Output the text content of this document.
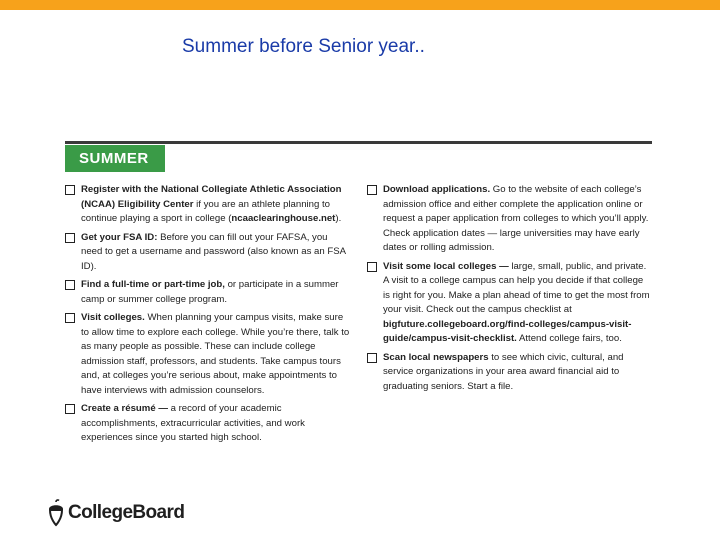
Summer before Senior year..
SUMMER
Register with the National Collegiate Athletic Association (NCAA) Eligibility Center if you are an athlete planning to continue playing a sport in college (ncaaclearinghouse.net).
Get your FSA ID: Before you can fill out your FAFSA, you need to get a username and password (also known as an FSA ID).
Find a full-time or part-time job, or participate in a summer camp or summer college program.
Visit colleges. When planning your campus visits, make sure to allow time to explore each college. While you’re there, talk to as many people as possible. These can include college admission staff, professors, and students. Take campus tours and, at colleges you’re serious about, make appointments to have interviews with admission counselors.
Create a résumé — a record of your academic accomplishments, extracurricular activities, and work experiences since you started high school.
Download applications. Go to the website of each college’s admission office and either complete the application online or request a paper application from colleges to which you’ll apply. Check application dates — large universities may have early dates or rolling admission.
Visit some local colleges — large, small, public, and private. A visit to a college campus can help you decide if that college is right for you. Make a plan ahead of time to get the most from your visit. Check out the campus checklist at bigfuture.collegeboard.org/find-colleges/campus-visit-guide/campus-visit-checklist. Attend college fairs, too.
Scan local newspapers to see which civic, cultural, and service organizations in your area award financial aid to graduating seniors. Start a file.
CollegeBoard
